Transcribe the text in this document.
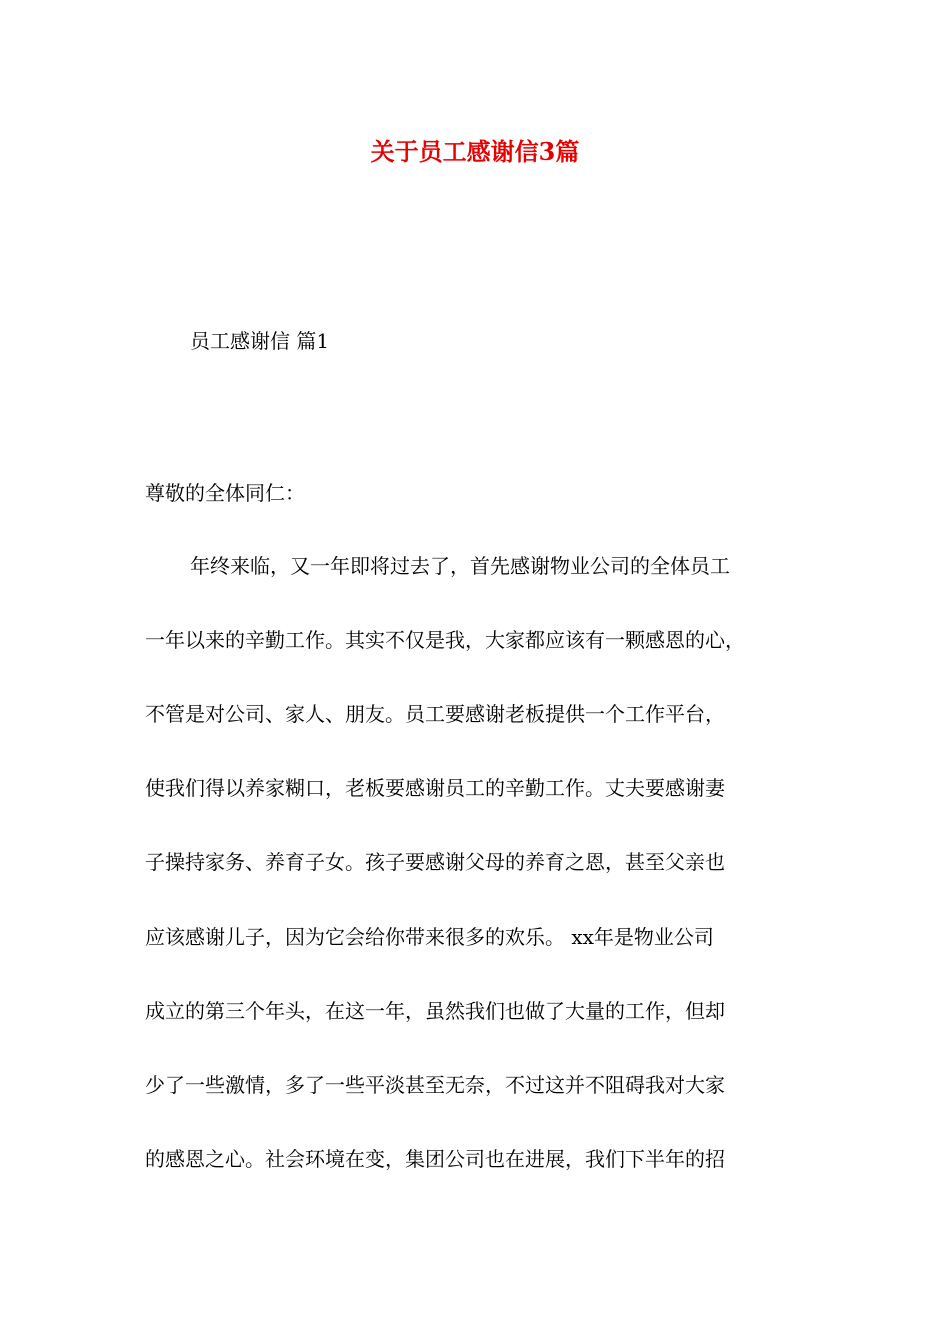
关于员工感谢信3篇
员工感谢信 篇1
尊敬的全体同仁：
年终来临，又一年即将过去了，首先感谢物业公司的全体员工
一年以来的辛勤工作。其实不仅是我，大家都应该有一颗感恩的心，
不管是对公司、家人、朋友。员工要感谢老板提供一个工作平台，
使我们得以养家糊口，老板要感谢员工的辛勤工作。丈夫要感谢妻
子操持家务、养育子女。孩子要感谢父母的养育之恩，甚至父亲也
应该感谢儿子，因为它会给你带来很多的欢乐。 xx年是物业公司
成立的第三个年头，在这一年，虽然我们也做了大量的工作，但却
少了一些激情，多了一些平淡甚至无奈，不过这并不阻碍我对大家
的感恩之心。社会环境在变，集团公司也在进展，我们下半年的招
